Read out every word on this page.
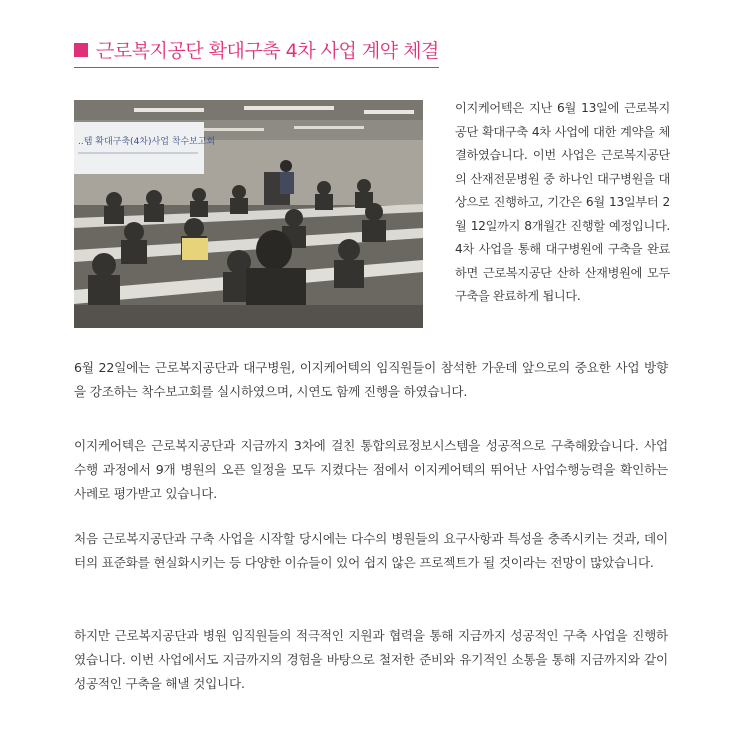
근로복지공단 확대구축 4차 사업 계약 체결
..템 확대구축(4차)사업 착수보고회

이지케어텍은 지난 6월 13일에 근로복지공단 확대구축 4차 사업에 대한 계약을 체결하였습니다. 이번 사업은 근로복지공단의 산재전문병원 중 하나인 대구병원을 대상으로 진행하고, 기간은 6월 13일부터 2월 12일까지 8개월간 진행할 예정입니다. 4차 사업을 통해 대구병원에 구축을 완료하면 근로복지공단 산하 산재병원에 모두 구축을 완료하게 됩니다.

6월 22일에는 근로복지공단과 대구병원, 이지케어텍의 임직원들이 참석한 가운데 앞으로의 중요한 사업 방향을 강조하는 착수보고회를 실시하였으며, 시연도 함께 진행을 하였습니다.

이지케어텍은 근로복지공단과 지금까지 3차에 걸친 통합의료정보시스템을 성공적으로 구축해왔습니다. 사업 수행 과정에서 9개 병원의 오픈 일정을 모두 지켰다는 점에서 이지케어텍의 뛰어난 사업수행능력을 확인하는 사례로 평가받고 있습니다.

처음 근로복지공단과 구축 사업을 시작할 당시에는 다수의 병원들의 요구사항과 특성을 충족시키는 것과, 데이터의 표준화를 현실화시키는 등 다양한 이슈들이 있어 쉽지 않은 프로젝트가 될 것이라는 전망이 많았습니다.

하지만 근로복지공단과 병원 임직원들의 적극적인 지원과 협력을 통해 지금까지 성공적인 구축 사업을 진행하였습니다. 이번 사업에서도 지금까지의 경험을 바탕으로 철저한 준비와 유기적인 소통을 통해 지금까지와 같이 성공적인 구축을 해낼 것입니다.
